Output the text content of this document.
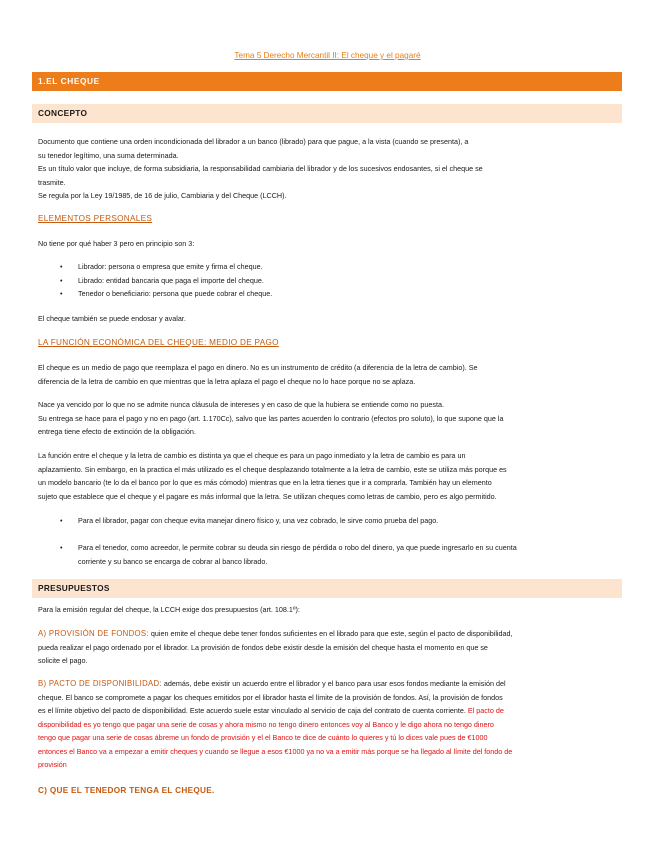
Tema 5 Derecho Mercantil II: El cheque y el pagaré
1.EL CHEQUE
CONCEPTO
Documento que contiene una orden incondicionada del librador a un banco (librado) para que pague, a la vista (cuando se presenta), a
su tenedor legítimo, una suma determinada.
Es un título valor que incluye, de forma subsidiaria, la responsabilidad cambiaria del librador y de los sucesivos endosantes, si el cheque se
trasmite.
Se regula por la Ley 19/1985, de 16 de julio, Cambiaria y del Cheque (LCCH).
ELEMENTOS PERSONALES
No tiene por qué haber 3 pero en principio son 3:
• Librador: persona o empresa que emite y firma el cheque.
• Librado: entidad bancaria que paga el importe del cheque.
• Tenedor o beneficiario: persona que puede cobrar el cheque.
El cheque también se puede endosar y avalar.
LA FUNCIÓN ECONÓMICA DEL CHEQUE: MEDIO DE PAGO
El cheque es un medio de pago que reemplaza el pago en dinero. No es un instrumento de crédito (a diferencia de la letra de cambio). Se
diferencia de la letra de cambio en que mientras que la letra aplaza el pago el cheque no lo hace porque no se aplaza.
Nace ya vencido por lo que no se admite nunca cláusula de intereses y en caso de que la hubiera se entiende como no puesta.
Su entrega se hace para el pago y no en pago (art. 1.170Cc), salvo que las partes acuerden lo contrario (efectos pro soluto), lo que supone que la
entrega tiene efecto de extinción de la obligación.
La función entre el cheque y la letra de cambio es distinta ya que el cheque es para un pago inmediato y la letra de cambio es para un
aplazamiento. Sin embargo, en la practica el más utilizado es el cheque desplazando totalmente a la letra de cambio, este se utiliza más porque es
un modelo bancario (te lo da el banco por lo que es más cómodo) mientras que en la letra tienes que ir a comprarla. También hay un elemento
sujeto que establece que el cheque y el pagare es más informal que la letra. Se utilizan cheques como letras de cambio, pero es algo permitido.
• Para el librador, pagar con cheque evita manejar dinero físico y, una vez cobrado, le sirve como prueba del pago.
• Para el tenedor, como acreedor, le permite cobrar su deuda sin riesgo de pérdida o robo del dinero, ya que puede ingresarlo en su cuenta
corriente y su banco se encarga de cobrar al banco librado.
PRESUPUESTOS
Para la emisión regular del cheque, la LCCH exige dos presupuestos (art. 108.1º):
A) PROVISIÓN DE FONDOS: quien emite el cheque debe tener fondos suficientes en el librado para que este, según el pacto de disponibilidad,
pueda realizar el pago ordenado por el librador. La provisión de fondos debe existir desde la emisión del cheque hasta el momento en que se
solicite el pago.
B) PACTO DE DISPONIBILIDAD: además, debe existir un acuerdo entre el librador y el banco para usar esos fondos mediante la emisión del
cheque. El banco se compromete a pagar los cheques emitidos por el librador hasta el límite de la provisión de fondos. Así, la provisión de fondos
es el límite objetivo del pacto de disponibilidad. Este acuerdo suele estar vinculado al servicio de caja del contrato de cuenta corriente. El pacto de
disponibilidad es yo tengo que pagar una serie de cosas y ahora mismo no tengo dinero entonces voy al Banco y le digo ahora no tengo dinero
tengo que pagar una serie de cosas ábreme un fondo de provisión y el el Banco te dice de cuánto lo quieres y tú lo dices vale pues de €1000
entonces el Banco va a empezar a emitir cheques y cuando se llegue a esos €1000 ya no va a emitir más porque se ha llegado al límite del fondo de
provisión
C) QUE EL TENEDOR TENGA EL CHEQUE.
